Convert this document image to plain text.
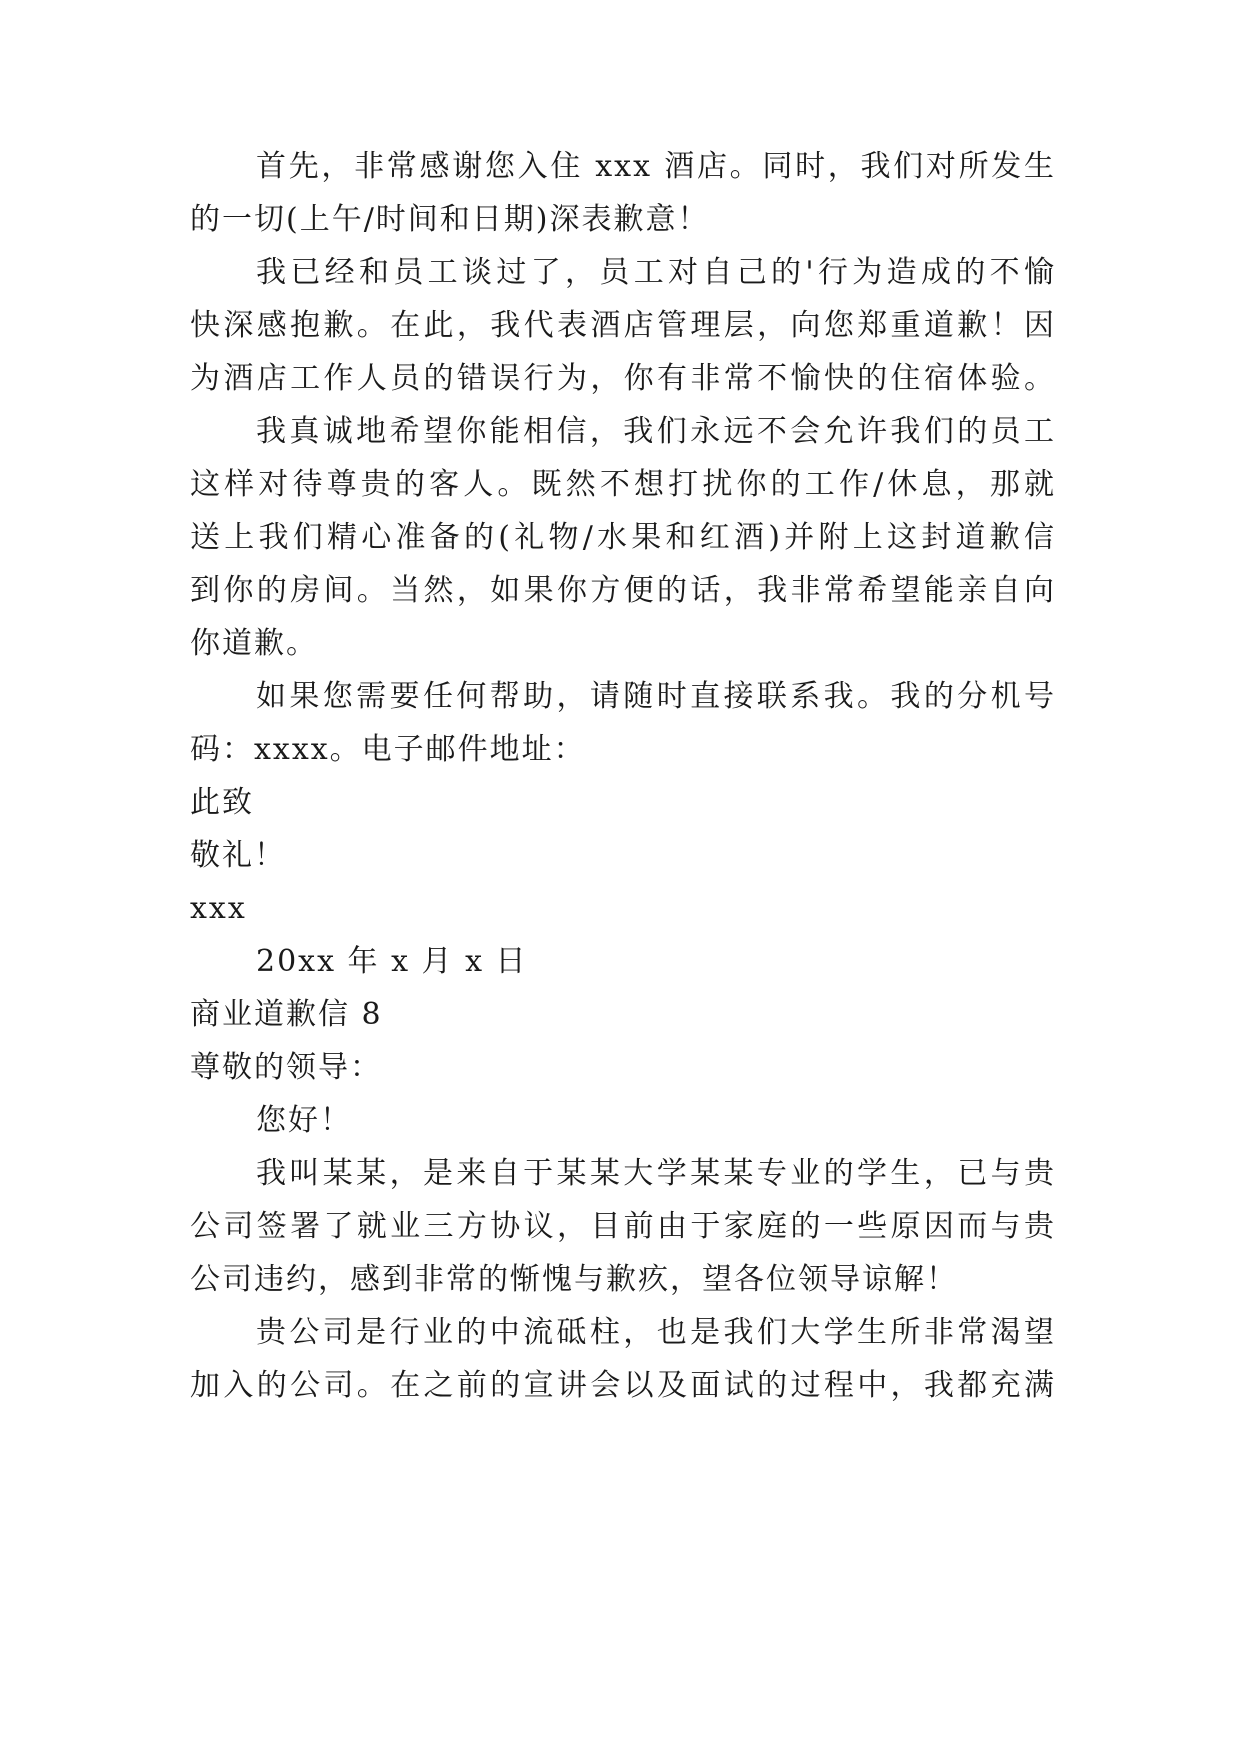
首先，非常感谢您入住 xxx 酒店。同时，我们对所发生
的一切(上午/时间和日期)深表歉意！
我已经和员工谈过了，员工对自己的'行为造成的不愉
快深感抱歉。在此，我代表酒店管理层，向您郑重道歉！因
为酒店工作人员的错误行为，你有非常不愉快的住宿体验。
我真诚地希望你能相信，我们永远不会允许我们的员工
这样对待尊贵的客人。既然不想打扰你的工作/休息，那就
送上我们精心准备的(礼物/水果和红酒)并附上这封道歉信
到你的房间。当然，如果你方便的话，我非常希望能亲自向
你道歉。
如果您需要任何帮助，请随时直接联系我。我的分机号
码：xxxx。电子邮件地址：
此致
敬礼！
xxx
20xx 年 x 月 x 日
商业道歉信 8
尊敬的领导：
您好！
我叫某某，是来自于某某大学某某专业的学生，已与贵
公司签署了就业三方协议，目前由于家庭的一些原因而与贵
公司违约，感到非常的惭愧与歉疚，望各位领导谅解！
贵公司是行业的中流砥柱，也是我们大学生所非常渴望
加入的公司。在之前的宣讲会以及面试的过程中，我都充满
